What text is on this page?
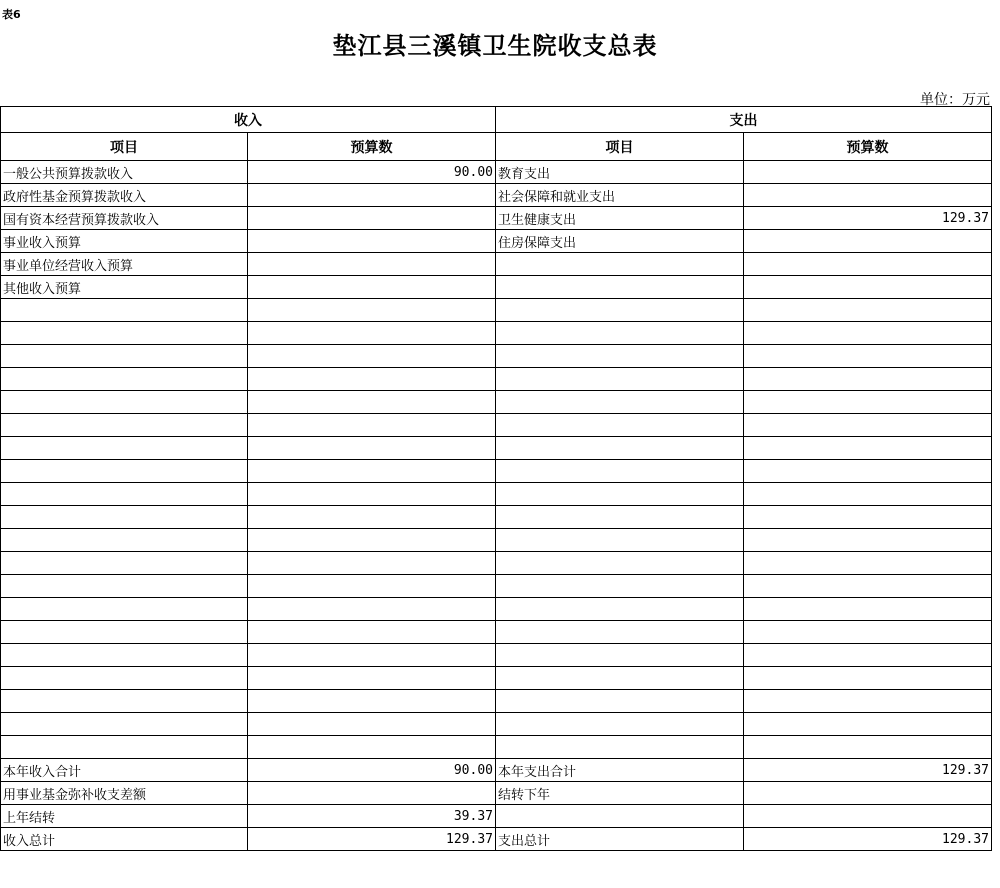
表6
垫江县三溪镇卫生院收支总表
单位：万元
收入		支出	
项目	预算数	项目	预算数
一般公共预算拨款收入	90.00	教育支出	
政府性基金预算拨款收入		社会保障和就业支出	
国有资本经营预算拨款收入		卫生健康支出	129.37
事业收入预算		住房保障支出	
事业单位经营收入预算			
其他收入预算			

本年收入合计	90.00	本年支出合计	129.37
用事业基金弥补收支差额		结转下年	
上年结转	39.37		
收入总计	129.37	支出总计	129.37
